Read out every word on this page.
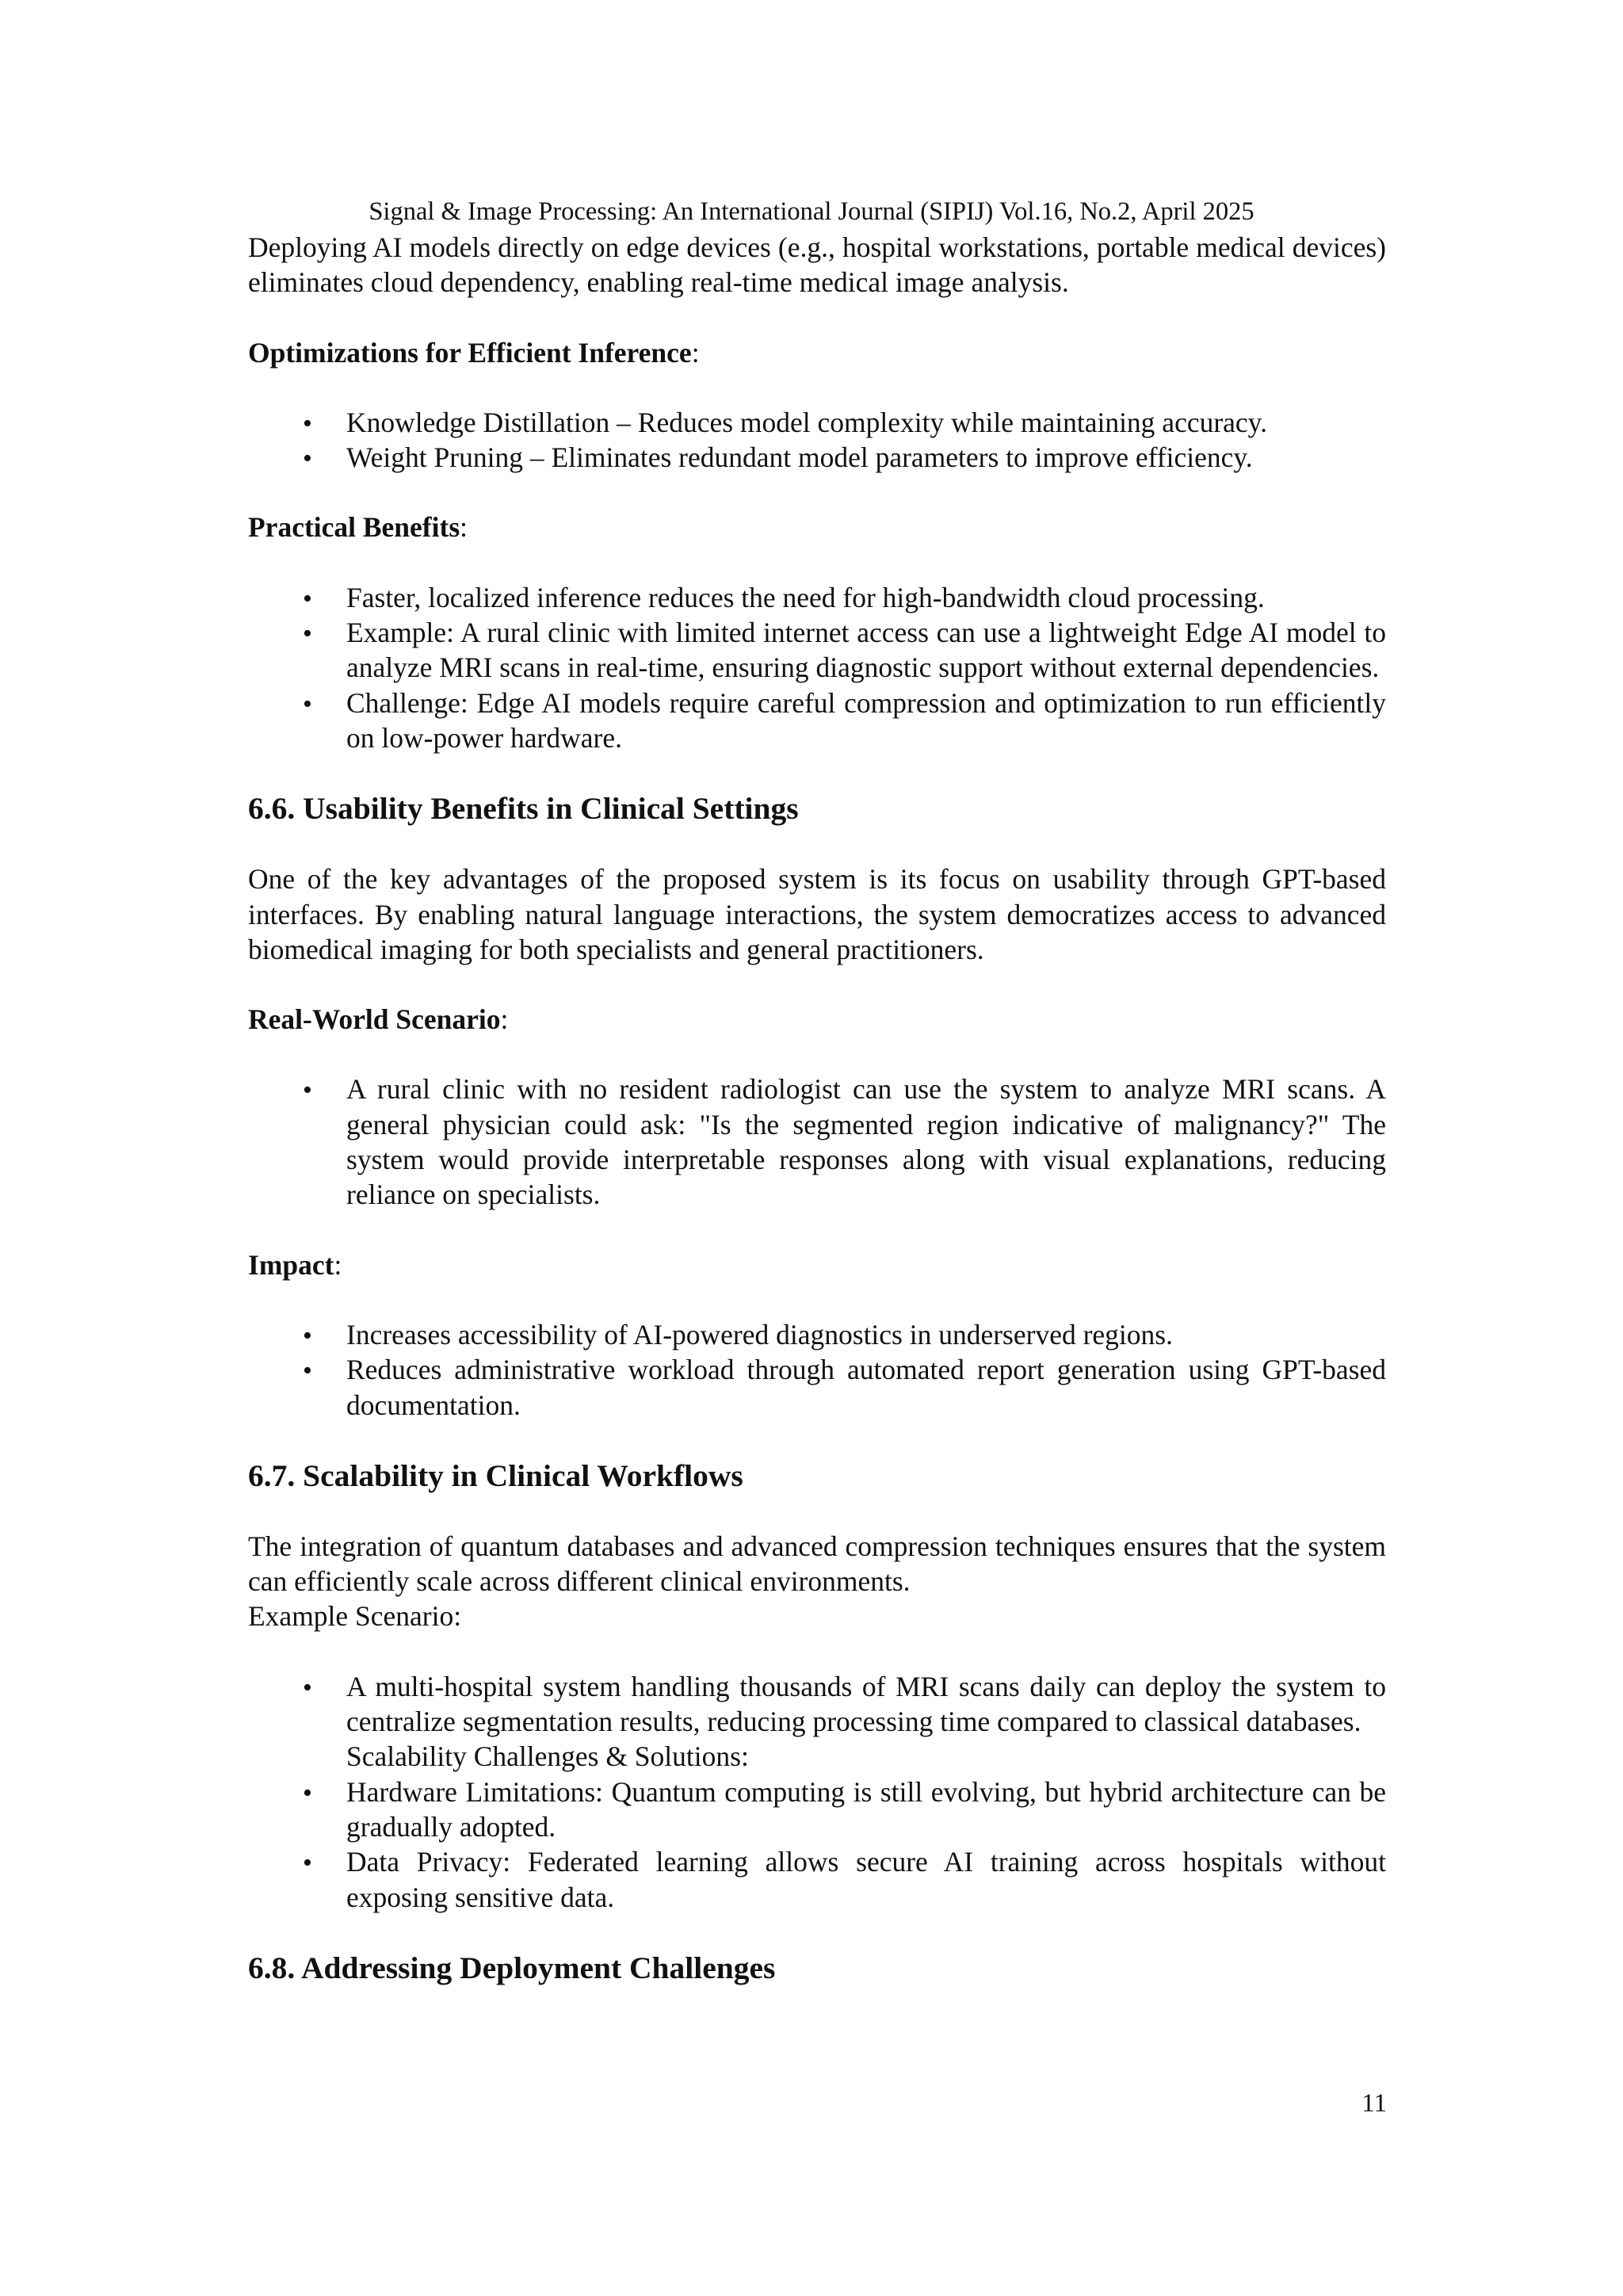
Signal & Image Processing: An International Journal (SIPIJ) Vol.16, No.2, April 2025

Deploying AI models directly on edge devices (e.g., hospital workstations, portable medical devices) eliminates cloud dependency, enabling real-time medical image analysis.

Optimizations for Efficient Inference:

•
Knowledge Distillation – Reduces model complexity while maintaining accuracy.
•
Weight Pruning – Eliminates redundant model parameters to improve efficiency.

Practical Benefits:

•
Faster, localized inference reduces the need for high-bandwidth cloud processing.
•
Example: A rural clinic with limited internet access can use a lightweight Edge AI model to analyze MRI scans in real-time, ensuring diagnostic support without external dependencies.
•
Challenge: Edge AI models require careful compression and optimization to run efficiently on low-power hardware.
6.6. Usability Benefits in Clinical Settings

One of the key advantages of the proposed system is its focus on usability through GPT-based interfaces. By enabling natural language interactions, the system democratizes access to advanced biomedical imaging for both specialists and general practitioners.

Real-World Scenario:

•
A rural clinic with no resident radiologist can use the system to analyze MRI scans. A general physician could ask: "Is the segmented region indicative of malignancy?" The system would provide interpretable responses along with visual explanations, reducing reliance on specialists.

Impact:

•
Increases accessibility of AI-powered diagnostics in underserved regions.
•
Reduces administrative workload through automated report generation using GPT-based documentation.
6.7. Scalability in Clinical Workflows

The integration of quantum databases and advanced compression techniques ensures that the system can efficiently scale across different clinical environments.

Example Scenario:

•
A multi-hospital system handling thousands of MRI scans daily can deploy the system to centralize segmentation results, reducing processing time compared to classical databases.
Scalability Challenges & Solutions:
•
Hardware Limitations: Quantum computing is still evolving, but hybrid architecture can be gradually adopted.
•
Data Privacy: Federated learning allows secure AI training across hospitals without exposing sensitive data.
6.8. Addressing Deployment Challenges
11
